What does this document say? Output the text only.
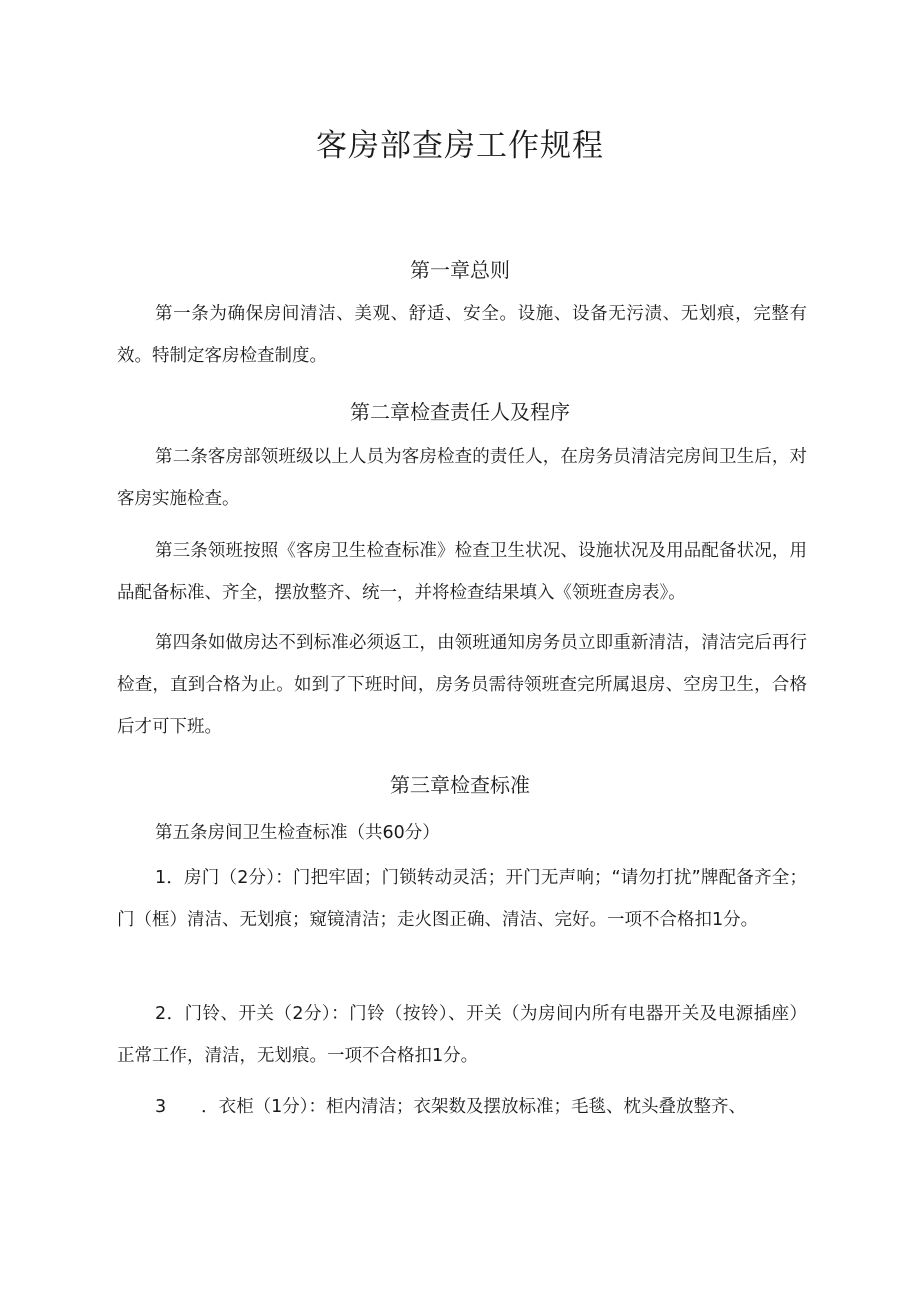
客房部查房工作规程
第一章总则

第一条为确保房间清洁、美观、舒适、安全。设施、设备无污渍、无划痕，完整有效。特制定客房检查制度。

第二章检查责任人及程序

第二条客房部领班级以上人员为客房检查的责任人，在房务员清洁完房间卫生后，对客房实施检查。

第三条领班按照《客房卫生检查标准》检查卫生状况、设施状况及用品配备状况，用品配备标准、齐全，摆放整齐、统一，并将检查结果填入《领班查房表》。

第四条如做房达不到标准必须返工，由领班通知房务员立即重新清洁，清洁完后再行检查，直到合格为止。如到了下班时间，房务员需待领班查完所属退房、空房卫生，合格后才可下班。

第三章检查标准

第五条房间卫生检查标准（共60分）

1．房门（2分）：门把牢固；门锁转动灵活；开门无声响；“请勿打扰”牌配备齐全；门（框）清洁、无划痕；窥镜清洁；走火图正确、清洁、完好。一项不合格扣1分。

2．门铃、开关（2分）：门铃（按铃）、开关（为房间内所有电器开关及电源插座）正常工作，清洁，无划痕。一项不合格扣1分。

3　　．衣柜（1分）：柜内清洁；衣架数及摆放标准；毛毯、枕头叠放整齐、
